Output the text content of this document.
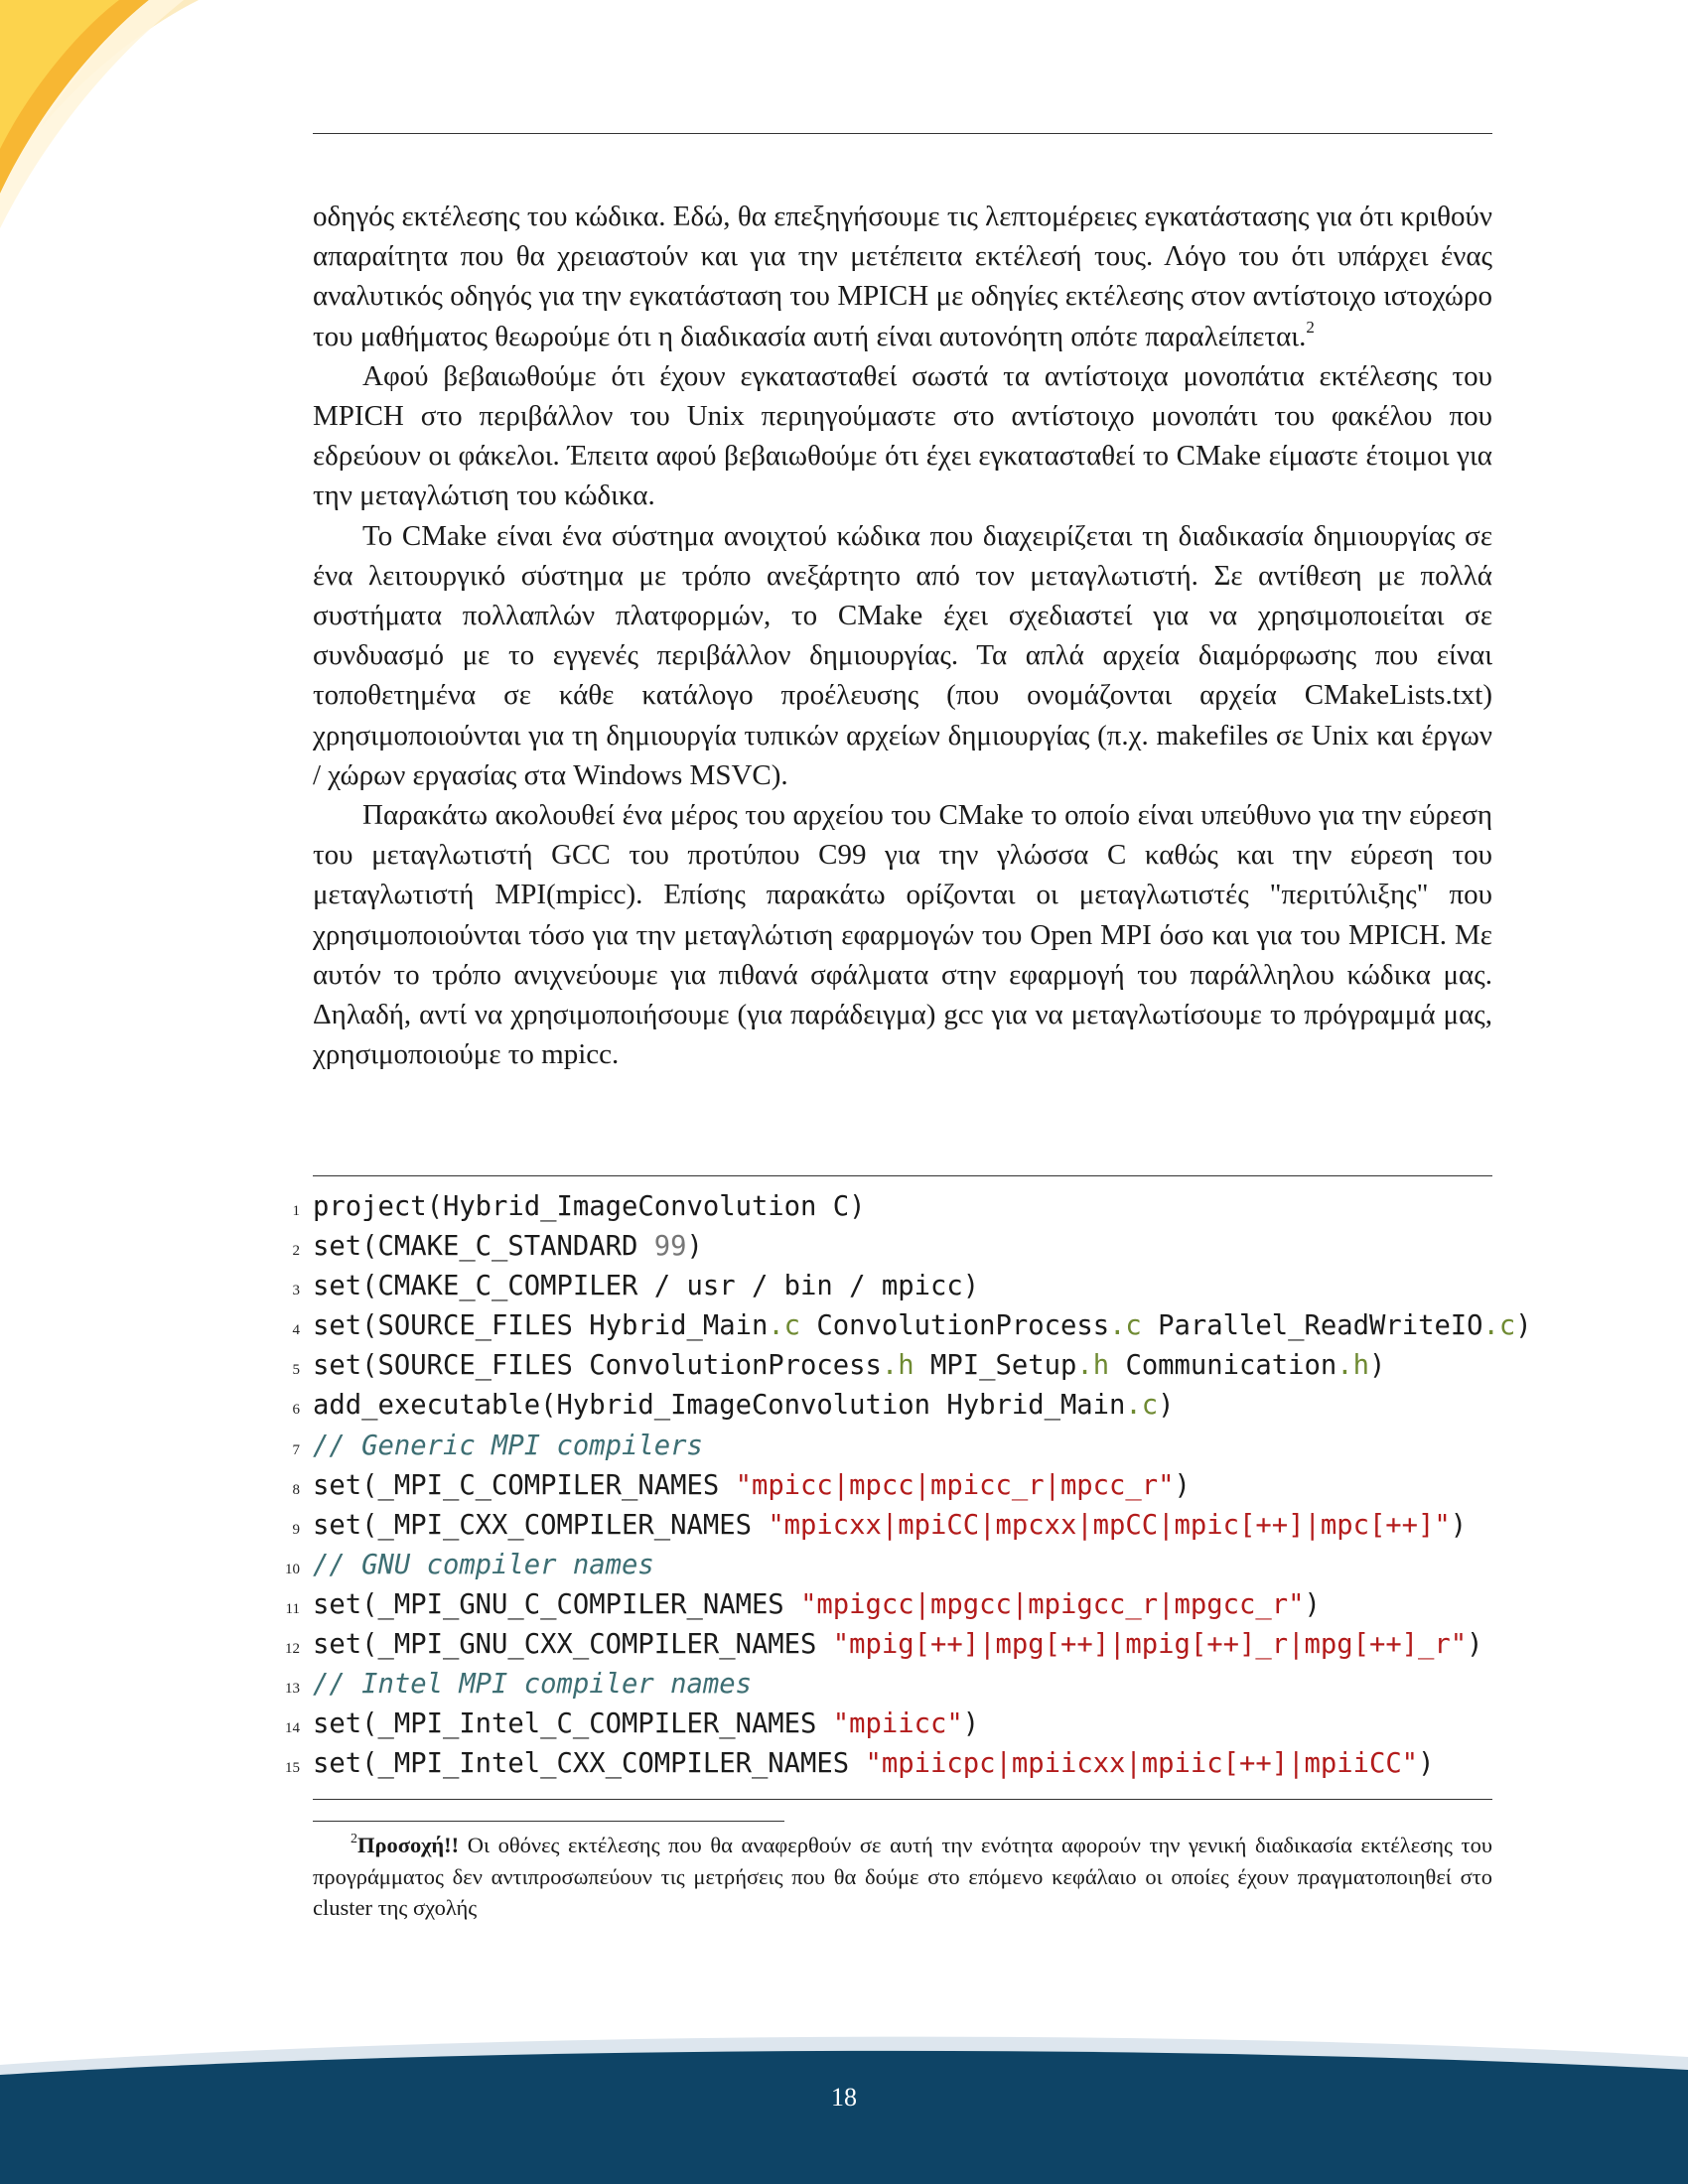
οδηγός εκτέλεσης του κώδικα. Εδώ, θα επεξηγήσουμε τις λεπτομέρειες εγκατάστασης για ότι κριθούν απαραίτητα που θα χρειαστούν και για την μετέπειτα εκτέλεσή τους. Λόγο του ότι υπάρχει ένας αναλυτικός οδηγός για την εγκατάσταση του MPICH με οδηγίες εκτέλεσης στον αντίστοιχο ιστοχώρο του μαθήματος θεωρούμε ότι η διαδικασία αυτή είναι αυτονόητη οπότε παραλείπεται.$^2$

Αφού βεβαιωθούμε ότι έχουν εγκατασταθεί σωστά τα αντίστοιχα μονοπάτια εκτέλεσης του MPICH στο περιβάλλον του Unix περιηγούμαστε στο αντίστοιχο μονοπάτι του φακέλου που εδρεύουν οι φάκελοι. Έπειτα αφού βεβαιωθούμε ότι έχει εγκατασταθεί το CMake είμαστε έτοιμοι για την μεταγλώτιση του κώδικα.

Το CMake είναι ένα σύστημα ανοιχτού κώδικα που διαχειρίζεται τη διαδικασία δημιουργίας σε ένα λειτουργικό σύστημα με τρόπο ανεξάρτητο από τον μεταγλωτιστή. Σε αντίθεση με πολλά συστήματα πολλαπλών πλατφορμών, το CMake έχει σχεδιαστεί για να χρησιμοποιείται σε συνδυασμό με το εγγενές περιβάλλον δημιουργίας. Τα απλά αρχεία διαμόρφωσης που είναι τοποθετημένα σε κάθε κατάλογο προέλευσης (που ονομάζονται αρχεία CMakeLists.txt) χρησιμοποιούνται για τη δημιουργία τυπικών αρχείων δημιουργίας (π.χ. makefiles σε Unix και έργων / χώρων εργασίας στα Windows MSVC).

Παρακάτω ακολουθεί ένα μέρος του αρχείου του CMake το οποίο είναι υπεύθυνο για την εύρεση του μεταγλωτιστή GCC του προτύπου C99 για την γλώσσα C καθώς και την εύρεση του μεταγλωτιστή MPI(mpicc). Επίσης παρακάτω ορίζονται οι μεταγλωτιστές "περιτύλιξης" που χρησιμοποιούνται τόσο για την μεταγλώτιση εφαρμογών του Open MPI όσο και για του MPICH. Με αυτόν το τρόπο ανιχνεύουμε για πιθανά σφάλματα στην εφαρμογή του παράλληλου κώδικα μας. Δηλαδή, αντί να χρησιμοποιήσουμε (για παράδειγμα) gcc για να μεταγλωτίσουμε το πρόγραμμά μας, χρησιμοποιούμε το mpicc.

1 project(Hybrid_ImageConvolution C)
2 set(CMAKE_C_STANDARD 99)
3 set(CMAKE_C_COMPILER / usr / bin / mpicc)
4 set(SOURCE_FILES Hybrid_Main.c ConvolutionProcess.c Parallel_ReadWriteIO.c)
5 set(SOURCE_FILES ConvolutionProcess.h MPI_Setup.h Communication.h)
6 add_executable(Hybrid_ImageConvolution Hybrid_Main.c)
7 // Generic MPI compilers
8 set(_MPI_C_COMPILER_NAMES "mpicc|mpcc|mpicc_r|mpcc_r")
9 set(_MPI_CXX_COMPILER_NAMES "mpicxx|mpiCC|mpcxx|mpCC|mpic[++]|mpc[++]")
10 // GNU compiler names
11 set(_MPI_GNU_C_COMPILER_NAMES "mpigcc|mpgcc|mpigcc_r|mpgcc_r")
12 set(_MPI_GNU_CXX_COMPILER_NAMES "mpig[++]|mpg[++]|mpig[++]_r|mpg[++]_r")
13 // Intel MPI compiler names
14 set(_MPI_Intel_C_COMPILER_NAMES "mpiicc")
15 set(_MPI_Intel_CXX_COMPILER_NAMES "mpiicpc|mpiicxx|mpiic[++]|mpiiCC")
$^2$Προσοχή!! Οι οθόνες εκτέλεσης που θα αναφερθούν σε αυτή την ενότητα αφορούν την γενική διαδικασία εκτέλεσης του προγράμματος δεν αντιπροσωπεύουν τις μετρήσεις που θα δούμε στο επόμενο κεφάλαιο οι οποίες έχουν πραγματοποιηθεί στο cluster της σχολής
18
